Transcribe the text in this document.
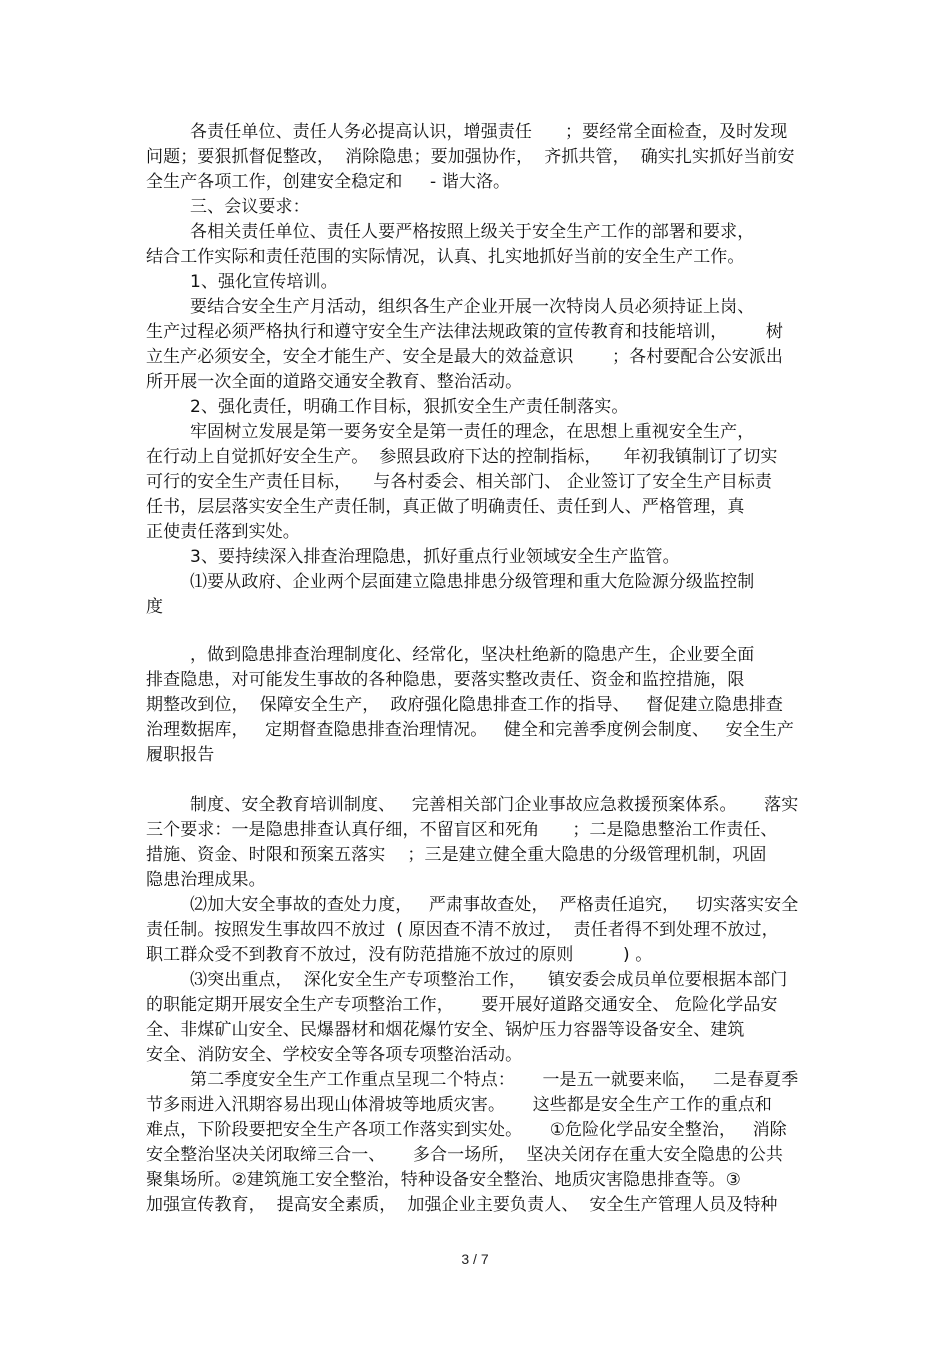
各责任单位、责任人务必提高认识，增强责任      ；要经常全面检查，及时发现
问题；要狠抓督促整改，  消除隐患；要加强协作，  齐抓共管，  确实扎实抓好当前安
全生产各项工作，创建安全稳定和     - 谐大洛。
三、会议要求：
各相关责任单位、责任人要严格按照上级关于安全生产工作的部署和要求，
结合工作实际和责任范围的实际情况，认真、扎实地抓好当前的安全生产工作。
1、强化宣传培训。
要结合安全生产月活动，组织各生产企业开展一次特岗人员必须持证上岗、
生产过程必须严格执行和遵守安全生产法律法规政策的宣传教育和技能培训，       树
立生产必须安全，安全才能生产、安全是最大的效益意识       ；各村要配合公安派出
所开展一次全面的道路交通安全教育、整治活动。
2、强化责任，明确工作目标，狠抓安全生产责任制落实。
牢固树立发展是第一要务安全是第一责任的理念，在思想上重视安全生产，
在行动上自觉抓好安全生产。  参照县政府下达的控制指标，    年初我镇制订了切实
可行的安全生产责任目标，    与各村委会、相关部门、 企业签订了安全生产目标责
任书，层层落实安全生产责任制，真正做了明确责任、责任到人、严格管理，真
正使责任落到实处。
3、要持续深入排查治理隐患，抓好重点行业领域安全生产监管。
⑴要从政府、企业两个层面建立隐患排患分级管理和重大危险源分级监控制
度
，做到隐患排查治理制度化、经常化，坚决杜绝新的隐患产生，企业要全面
排查隐患，对可能发生事故的各种隐患，要落实整改责任、资金和监控措施，限
期整改到位，  保障安全生产，  政府强化隐患排查工作的指导、   督促建立隐患排查
治理数据库，   定期督查隐患排查治理情况。   健全和完善季度例会制度、   安全生产
履职报告
制度、安全教育培训制度、   完善相关部门企业事故应急救援预案体系。     落实
三个要求：一是隐患排查认真仔细，不留盲区和死角      ；二是隐患整治工作责任、
措施、资金、时限和预案五落实    ；三是建立健全重大隐患的分级管理机制，巩固
隐患治理成果。
⑵加大安全事故的查处力度，   严肃事故查处，  严格责任追究，   切实落实安全
责任制。按照发生事故四不放过  ( 原因查不清不放过，  责任者得不到处理不放过，
职工群众受不到教育不放过，没有防范措施不放过的原则         ) 。
⑶突出重点，  深化安全生产专项整治工作，    镇安委会成员单位要根据本部门
的职能定期开展安全生产专项整治工作，     要开展好道路交通安全、 危险化学品安
全、非煤矿山安全、民爆器材和烟花爆竹安全、锅炉压力容器等设备安全、建筑
安全、消防安全、学校安全等各项专项整治活动。
第二季度安全生产工作重点呈现二个特点：     一是五一就要来临，   二是春夏季
节多雨进入汛期容易出现山体滑坡等地质灾害。     这些都是安全生产工作的重点和
难点，下阶段要把安全生产各项工作落实到实处。     ①危险化学品安全整治，   消除
安全整治坚决关闭取缔三合一、     多合一场所，  坚决关闭存在重大安全隐患的公共
聚集场所。②建筑施工安全整治，特种设备安全整治、地质灾害隐患排查等。③
加强宣传教育，  提高安全素质，  加强企业主要负责人、  安全生产管理人员及特种
3 / 7
